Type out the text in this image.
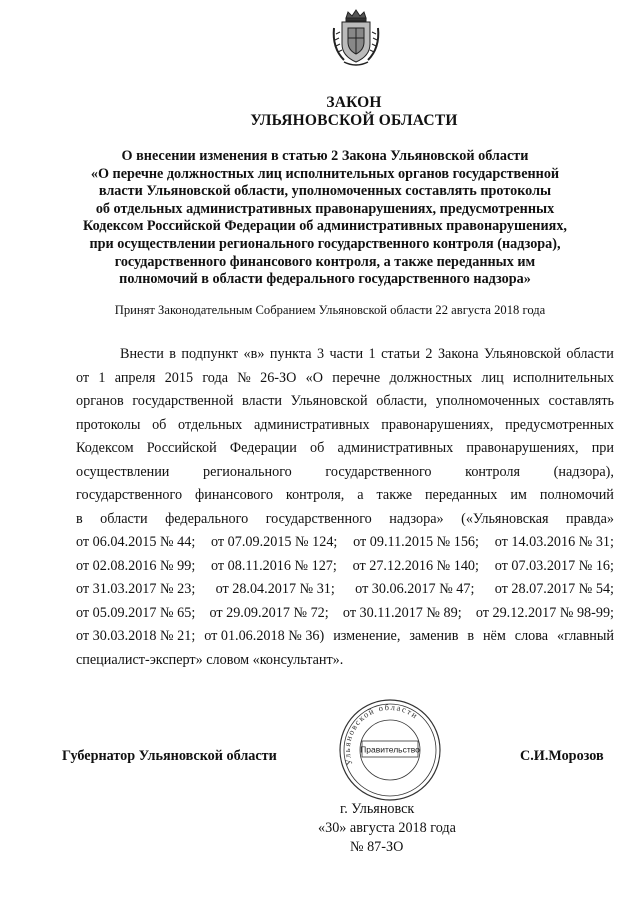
ЗАКОН
УЛЬЯНОВСКОЙ ОБЛАСТИ
О внесении изменения в статью 2 Закона Ульяновской области
«О перечне должностных лиц исполнительных органов государственной
власти Ульяновской области, уполномоченных составлять протоколы
об отдельных административных правонарушениях, предусмотренных
Кодексом Российской Федерации об административных правонарушениях,
при осуществлении регионального государственного контроля (надзора),
государственного финансового контроля, а также переданных им
полномочий в области федерального государственного надзора»
Принят Законодательным Собранием Ульяновской области 22 августа 2018 года
Внести в подпункт «в» пункта 3 части 1 статьи 2 Закона Ульяновской области
от 1 апреля 2015 года № 26-ЗО «О перечне должностных лиц исполнительных
органов государственной власти Ульяновской области, уполномоченных составлять
протоколы об отдельных административных правонарушениях, предусмотренных
Кодексом Российской Федерации об административных правонарушениях, при
осуществлении регионального государственного контроля (надзора),
государственного финансового контроля, а также переданных им полномочий
в области федерального государственного надзора» («Ульяновская правда»
от 06.04.2015 № 44; от 07.09.2015 № 124; от 09.11.2015 № 156; от 14.03.2016 № 31;
от 02.08.2016 № 99; от 08.11.2016 № 127; от 27.12.2016 № 140; от 07.03.2017 № 16;
от 31.03.2017 № 23; от 28.04.2017 № 31; от 30.06.2017 № 47; от 28.07.2017 № 54;
от 05.09.2017 № 65; от 29.09.2017 № 72; от 30.11.2017 № 89; от 29.12.2017 № 98-99;
от 30.03.2018 № 21; от 01.06.2018 № 36) изменение, заменив в нём слова «главный
специалист-эксперт» словом «консультант».
Губернатор Ульяновской области	Ульяновской области
Правительство	С.И.Морозов
г. Ульяновск
«30» августа 2018 года
№ 87-ЗО
